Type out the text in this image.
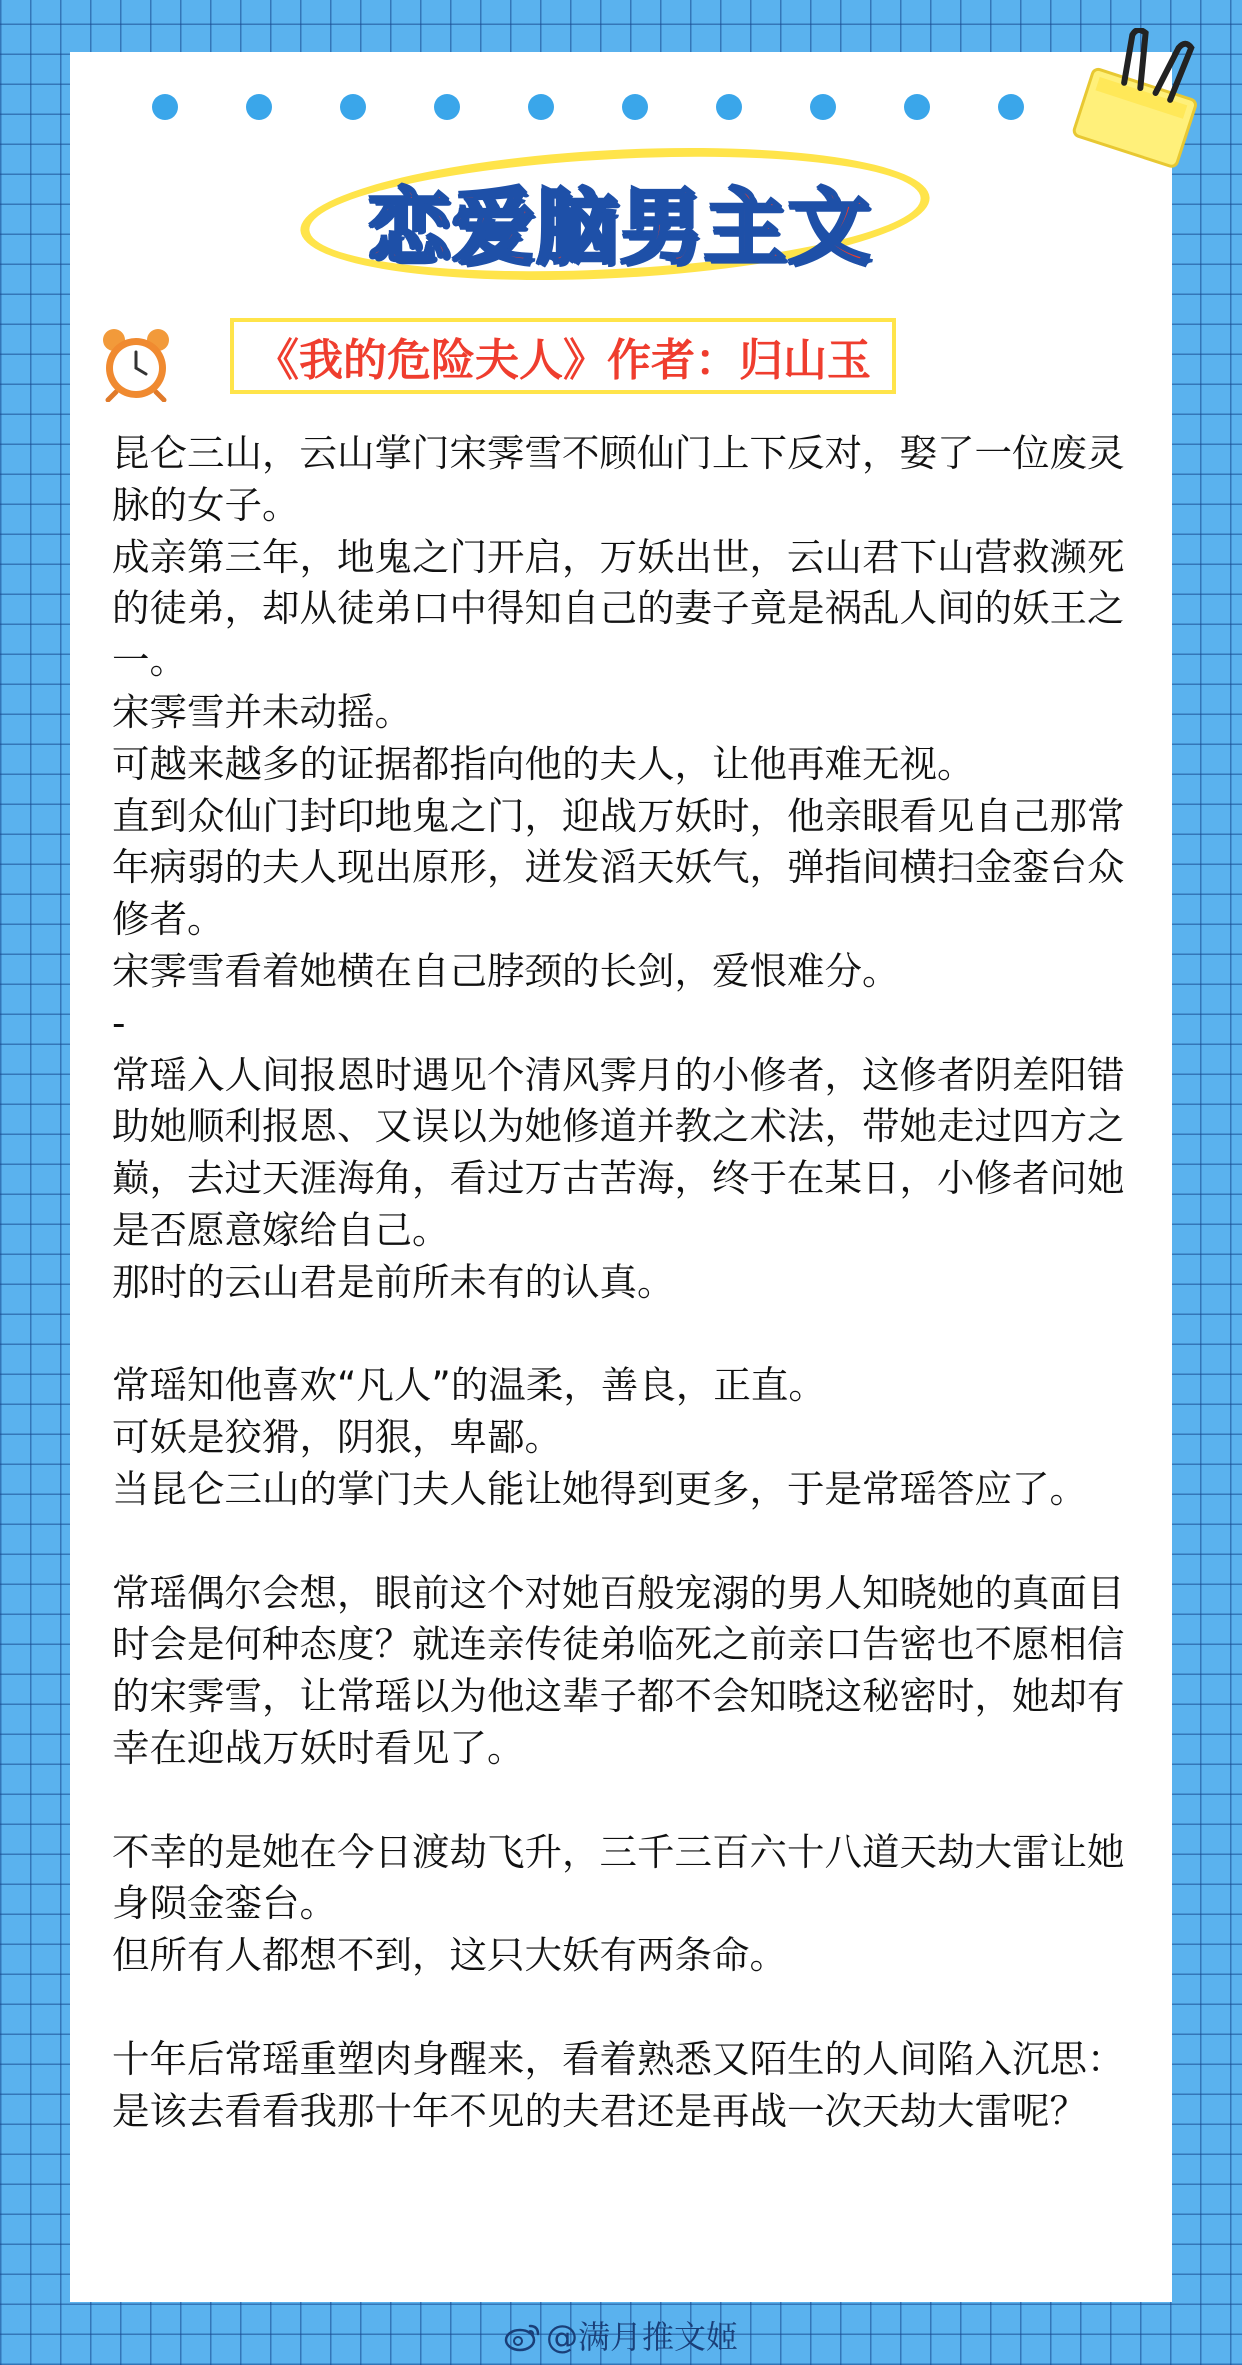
恋爱脑男主文
《我的危险夫人》作者：归山玉

昆仑三山，云山掌门宋霁雪不顾仙门上下反对，娶了一位废灵脉的女子。

成亲第三年，地鬼之门开启，万妖出世，云山君下山营救濒死的徒弟，却从徒弟口中得知自己的妻子竟是祸乱人间的妖王之一。

宋霁雪并未动摇。

可越来越多的证据都指向他的夫人，让他再难无视。

直到众仙门封印地鬼之门，迎战万妖时，他亲眼看见自己那常年病弱的夫人现出原形，迸发滔天妖气，弹指间横扫金銮台众修者。

宋霁雪看着她横在自己脖颈的长剑，爱恨难分。

-

常瑶入人间报恩时遇见个清风霁月的小修者，这修者阴差阳错助她顺利报恩、又误以为她修道并教之术法，带她走过四方之巅，去过天涯海角，看过万古苦海，终于在某日，小修者问她是否愿意嫁给自己。

那时的云山君是前所未有的认真。

常瑶知他喜欢“凡人”的温柔，善良，正直。

可妖是狡猾，阴狠，卑鄙。

当昆仑三山的掌门夫人能让她得到更多，于是常瑶答应了。

常瑶偶尔会想，眼前这个对她百般宠溺的男人知晓她的真面目时会是何种态度？就连亲传徒弟临死之前亲口告密也不愿相信的宋霁雪，让常瑶以为他这辈子都不会知晓这秘密时，她却有幸在迎战万妖时看见了。

不幸的是她在今日渡劫飞升，三千三百六十八道天劫大雷让她身陨金銮台。

但所有人都想不到，这只大妖有两条命。

十年后常瑶重塑肉身醒来，看着熟悉又陌生的人间陷入沉思：是该去看看我那十年不见的夫君还是再战一次天劫大雷呢？

@满月推文姬
